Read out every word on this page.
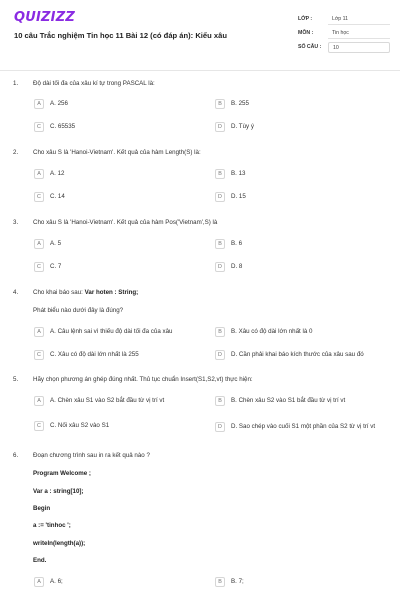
QUIZIZZ
10 câu Trắc nghiệm Tin học 11 Bài 12 (có đáp án): Kiểu xâu
LỚP :	Lớp 11
MÔN :	Tin học
SỐ CÂU :	10
1. Độ dài tối đa của xâu kí tự trong PASCAL là:
A	A. 256	B	B. 255
C	C. 65535	D	D. Tùy ý
2. Cho xâu S là 'Hanoi-Vietnam'. Kết quả của hàm Length(S) là:
A	A. 12	B	B. 13
C	C. 14	D	D. 15
3. Cho xâu S là 'Hanoi-Vietnam'. Kết quả của hàm Pos('Vietnam',S) là
A	A. 5	B	B. 6
C	C. 7	D	D. 8
4. Cho khai báo sau: Var hoten : String;
Phát biểu nào dưới đây là đúng?
A	A. Câu lệnh sai vì thiếu độ dài tối đa của xâu	B	B. Xâu có độ dài lớn nhất là 0
C	C. Xâu có độ dài lớn nhất là 255	D	D. Cần phải khai báo kích thước của xâu sau đó
5. Hãy chọn phương án ghép đúng nhất. Thủ tục chuẩn Insert(S1,S2,vt) thực hiện:
A	A. Chèn xâu S1 vào S2 bắt đầu từ vị trí vt	B	B. Chèn xâu S2 vào S1 bắt đầu từ vị trí vt
C	C. Nối xâu S2 vào S1	D	D. Sao chép vào cuối S1 một phần của S2 từ vị trí vt
6. Đoạn chương trình sau in ra kết quả nào ?
Program Welcome ;
Var a : string[10];
Begin
a := 'tinhoc ';
writeln(length(a));
End.
A	A. 6;	B	B. 7;
